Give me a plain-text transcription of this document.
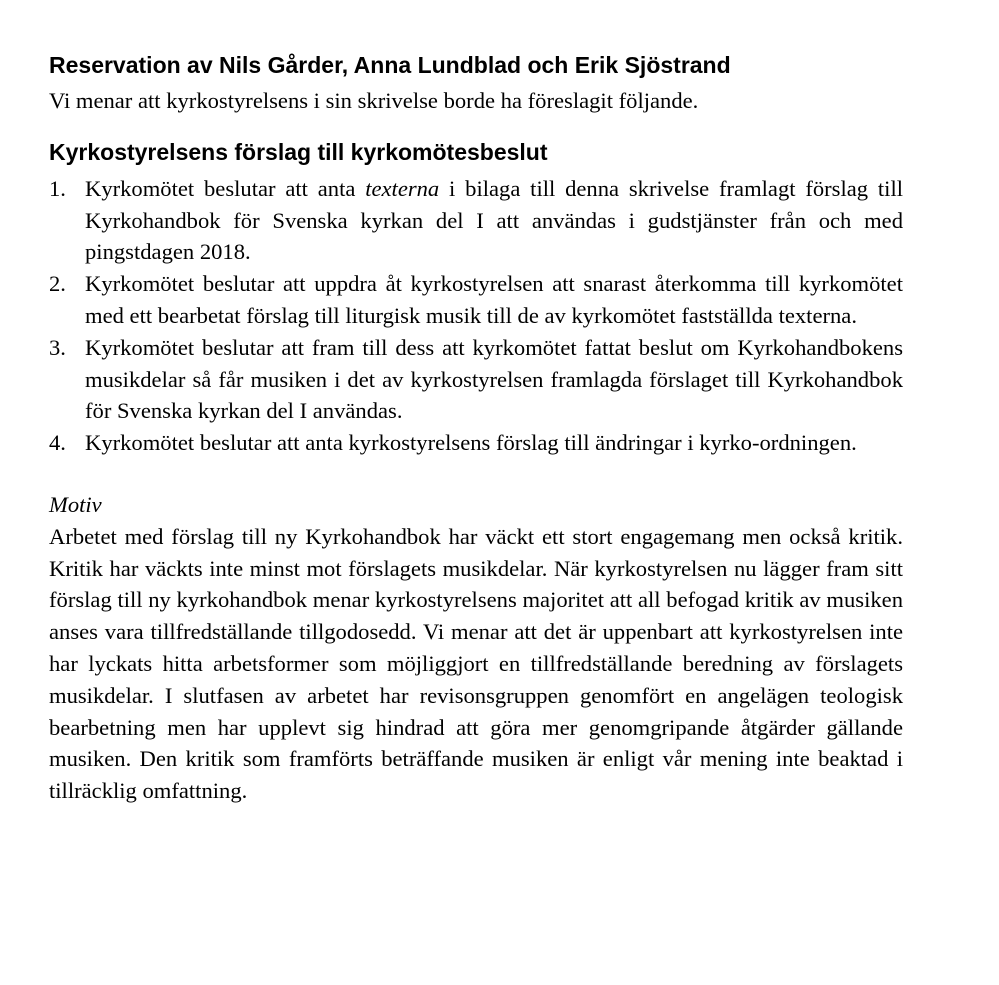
Reservation av Nils Gårder, Anna Lundblad och Erik Sjöstrand

Vi menar att kyrkostyrelsens i sin skrivelse borde ha föreslagit följande.

Kyrkostyrelsens förslag till kyrkomötesbeslut
1. Kyrkomötet beslutar att anta texterna i bilaga till denna skrivelse framlagt förslag till Kyrkohandbok för Svenska kyrkan del I att användas i gudstjänster från och med pingstdagen 2018.
2. Kyrkomötet beslutar att uppdra åt kyrkostyrelsen att snarast återkomma till kyrkomötet med ett bearbetat förslag till liturgisk musik till de av kyrkomötet fastställda texterna.
3. Kyrkomötet beslutar att fram till dess att kyrkomötet fattat beslut om Kyrkohandbokens musikdelar så får musiken i det av kyrkostyrelsen framlagda förslaget till Kyrkohandbok för Svenska kyrkan del I användas.
4. Kyrkomötet beslutar att anta kyrkostyrelsens förslag till ändringar i kyrko-ordningen.
Motiv

Arbetet med förslag till ny Kyrkohandbok har väckt ett stort engagemang men också kritik. Kritik har väckts inte minst mot förslagets musikdelar. När kyrkostyrelsen nu lägger fram sitt förslag till ny kyrkohandbok menar kyrkostyrelsens majoritet att all befogad kritik av musiken anses vara tillfredställande tillgodosedd. Vi menar att det är uppenbart att kyrkostyrelsen inte har lyckats hitta arbetsformer som möjliggjort en tillfredställande beredning av förslagets musikdelar. I slutfasen av arbetet har revisonsgruppen genomfört en angelägen teologisk bearbetning men har upplevt sig hindrad att göra mer genomgripande åtgärder gällande musiken. Den kritik som framförts beträffande musiken är enligt vår mening inte beaktad i tillräcklig omfattning.
